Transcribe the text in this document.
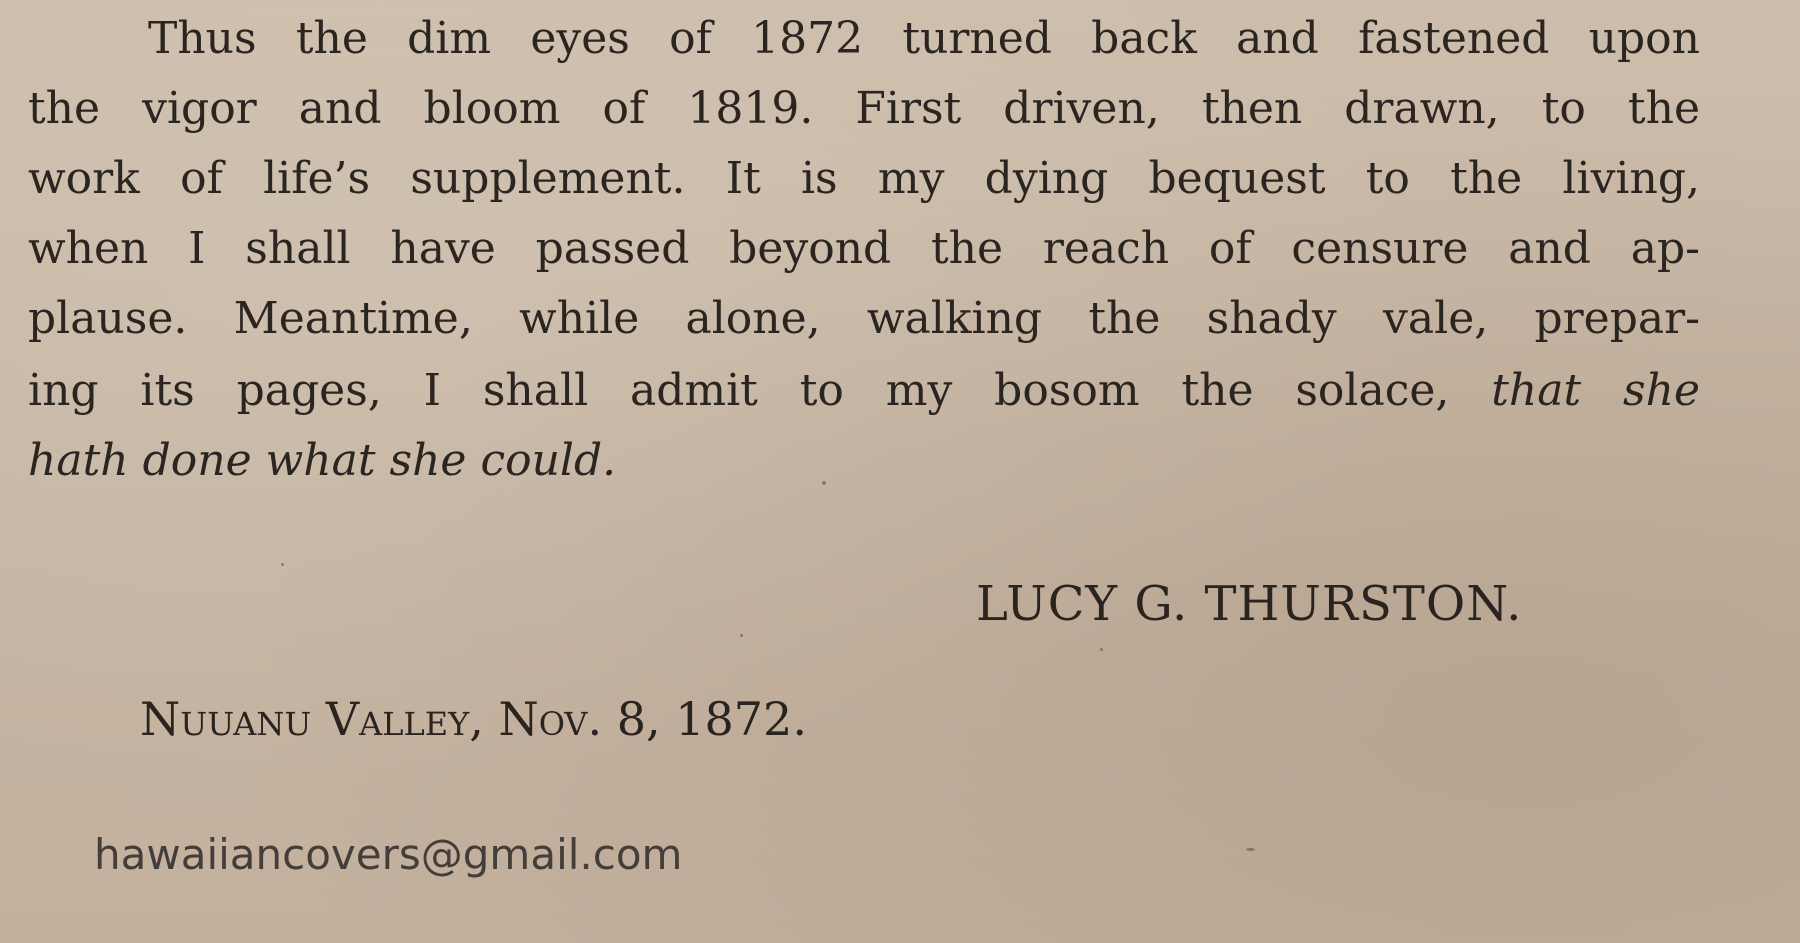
Thus the dim eyes of 1872 turned back and fastened upon
the vigor and bloom of 1819. First driven, then drawn, to the
work of life’s supplement. It is my dying bequest to the living,
when I shall have passed beyond the reach of censure and ap-
plause. Meantime, while alone, walking the shady vale, prepar-
ing its pages, I shall admit to my bosom the solace, that she
hath done what she could.
LUCY G. THURSTON.
Nuuanu Valley, Nov. 8, 1872.
hawaiiancovers@gmail.com
